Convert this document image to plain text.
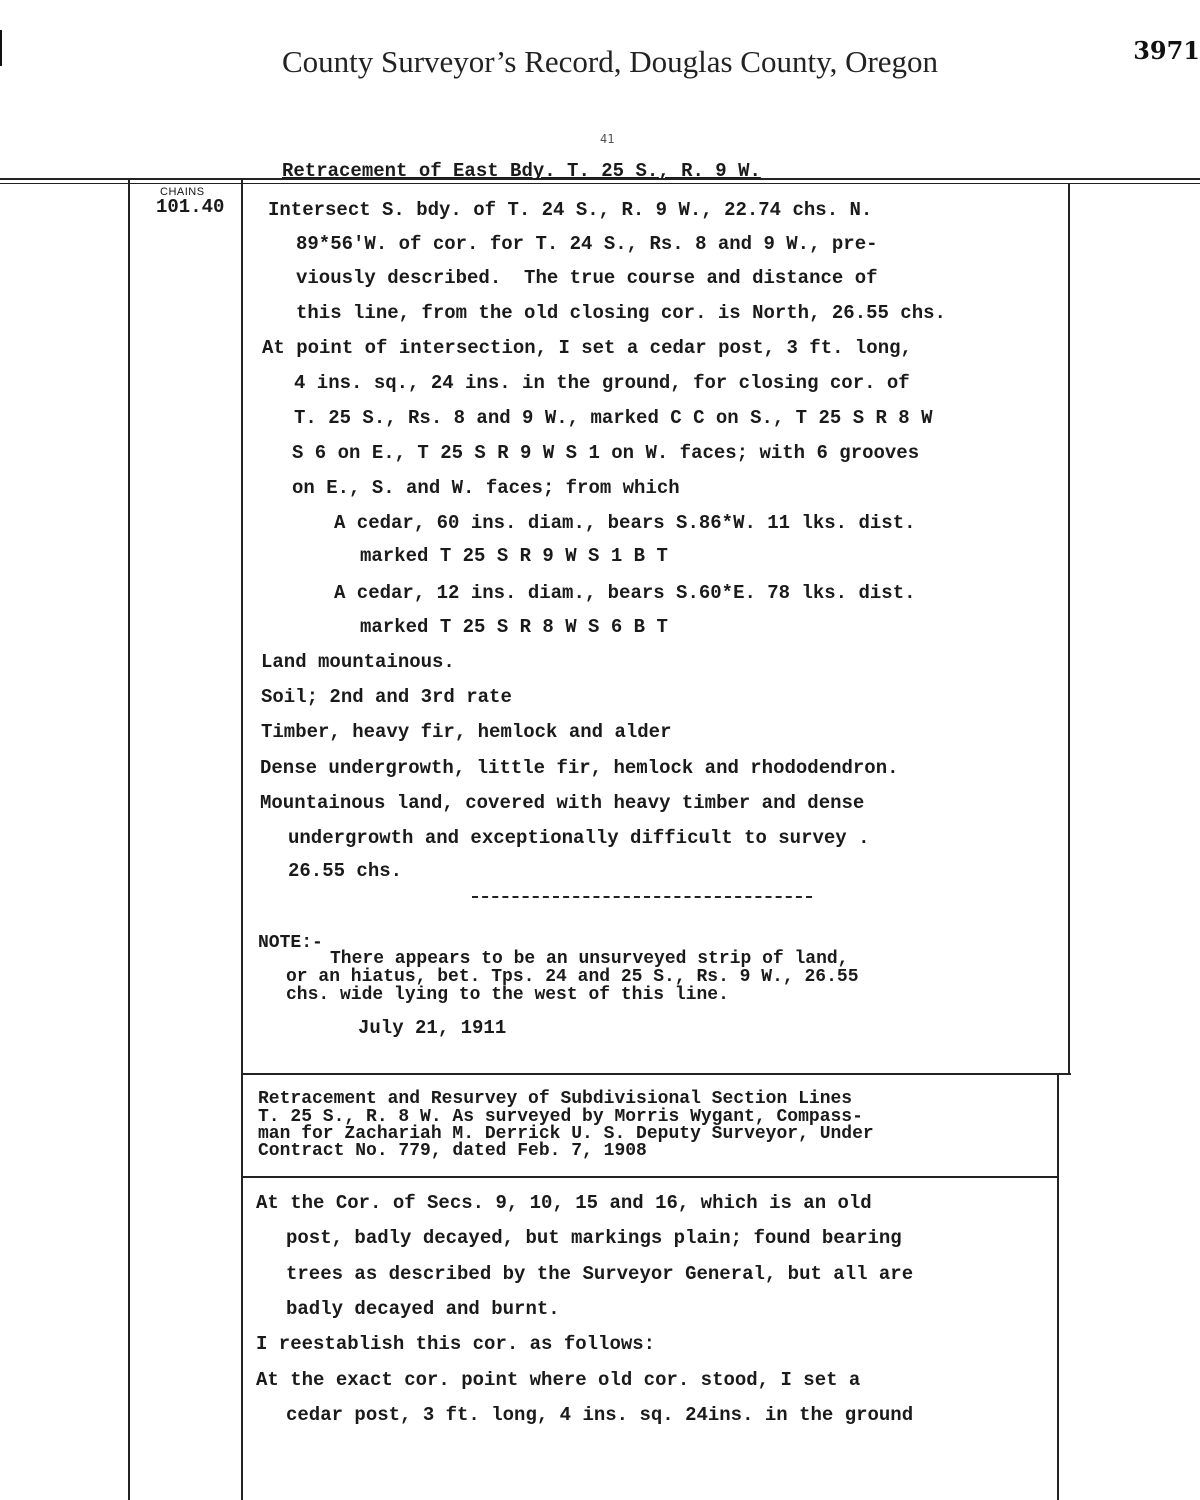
County Surveyor’s Record, Douglas County, Oregon	3971
41
Retracement of East Bdy. T. 25 S., R. 9 W.
CHAINS
101.40 Intersect S. bdy. of T. 24 S., R. 9 W., 22.74 chs. N.
89*56'W. of cor. for T. 24 S., Rs. 8 and 9 W., pre-
viously described.  The true course and distance of
this line, from the old closing cor. is North, 26.55 chs.
At point of intersection, I set a cedar post, 3 ft. long,
4 ins. sq., 24 ins. in the ground, for closing cor. of
T. 25 S., Rs. 8 and 9 W., marked C C on S., T 25 S R 8 W
S 6 on E., T 25 S R 9 W S 1 on W. faces; with 6 grooves
on E., S. and W. faces; from which
A cedar, 60 ins. diam., bears S.86*W. 11 lks. dist.
marked T 25 S R 9 W S 1 B T
A cedar, 12 ins. diam., bears S.60*E. 78 lks. dist.
marked T 25 S R 8 W S 6 B T
Land mountainous.
Soil; 2nd and 3rd rate
Timber, heavy fir, hemlock and alder
Dense undergrowth, little fir, hemlock and rhododendron.
Mountainous land, covered with heavy timber and dense
undergrowth and exceptionally difficult to survey .
26.55 chs.
NOTE:-
There appears to be an unsurveyed strip of land,
or an hiatus, bet. Tps. 24 and 25 S., Rs. 9 W., 26.55
chs. wide lying to the west of this line.
July 21, 1911
Retracement and Resurvey of Subdivisional Section Lines
T. 25 S., R. 8 W. As surveyed by Morris Wygant, Compass-
man for Zachariah M. Derrick U. S. Deputy Surveyor, Under
Contract No. 779, dated Feb. 7, 1908
At the Cor. of Secs. 9, 10, 15 and 16, which is an old
post, badly decayed, but markings plain; found bearing
trees as described by the Surveyor General, but all are
badly decayed and burnt.
I reestablish this cor. as follows:
At the exact cor. point where old cor. stood, I set a
cedar post, 3 ft. long, 4 ins. sq. 24ins. in the ground
